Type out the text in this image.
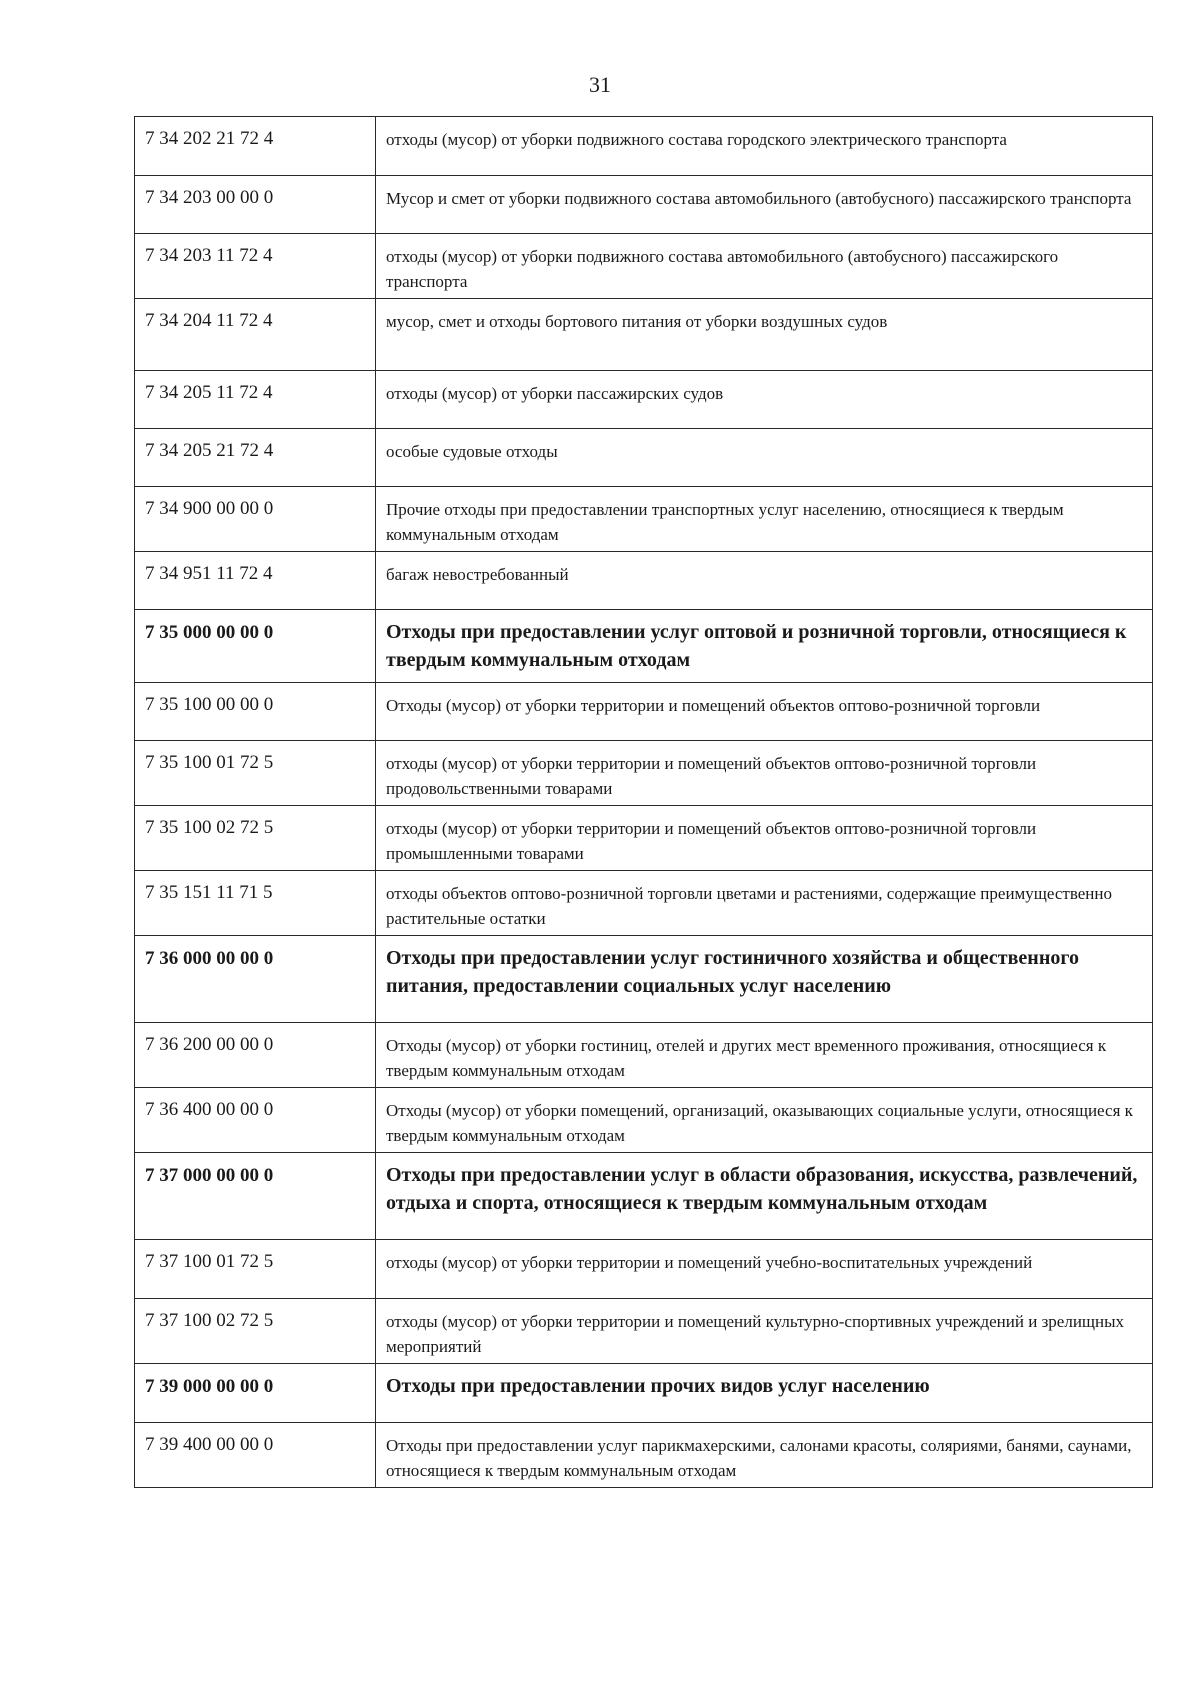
31
7 34 202 21 72 4	отходы (мусор) от уборки подвижного состава городского электрического транспорта
7 34 203 00 00 0	Мусор и смет от уборки подвижного состава автомобильного (автобусного) пассажирского транспорта
7 34 203 11 72 4	отходы (мусор) от уборки подвижного состава автомобильного (автобусного) пассажирского транспорта
7 34 204 11 72 4	мусор, смет и отходы бортового питания от уборки воздушных судов
7 34 205 11 72 4	отходы (мусор) от уборки пассажирских судов
7 34 205 21 72 4	особые судовые отходы
7 34 900 00 00 0	Прочие отходы при предоставлении транспортных услуг населению, относящиеся к твердым коммунальным отходам
7 34 951 11 72 4	багаж невостребованный
7 35 000 00 00 0	Отходы при предоставлении услуг оптовой и розничной торговли, относящиеся к твердым коммунальным отходам
7 35 100 00 00 0	Отходы (мусор) от уборки территории и помещений объектов оптово-розничной торговли
7 35 100 01 72 5	отходы (мусор) от уборки территории и помещений объектов оптово-розничной торговли продовольственными товарами
7 35 100 02 72 5	отходы (мусор) от уборки территории и помещений объектов оптово-розничной торговли промышленными товарами
7 35 151 11 71 5	отходы объектов оптово-розничной торговли цветами и растениями, содержащие преимущественно растительные остатки
7 36 000 00 00 0	Отходы при предоставлении услуг гостиничного хозяйства и общественного питания, предоставлении социальных услуг населению
7 36 200 00 00 0	Отходы (мусор) от уборки гостиниц, отелей и других мест временного проживания, относящиеся к твердым коммунальным отходам
7 36 400 00 00 0	Отходы (мусор) от уборки помещений, организаций, оказывающих социальные услуги, относящиеся к твердым коммунальным отходам
7 37 000 00 00 0	Отходы при предоставлении услуг в области образования, искусства, развлечений, отдыха и спорта, относящиеся к твердым коммунальным отходам
7 37 100 01 72 5	отходы (мусор) от уборки территории и помещений учебно-воспитательных учреждений
7 37 100 02 72 5	отходы (мусор) от уборки территории и помещений культурно-спортивных учреждений и зрелищных мероприятий
7 39 000 00 00 0	Отходы при предоставлении прочих видов услуг населению
7 39 400 00 00 0	Отходы при предоставлении услуг парикмахерскими, салонами красоты, соляриями, банями, саунами, относящиеся к твердым коммунальным отходам
